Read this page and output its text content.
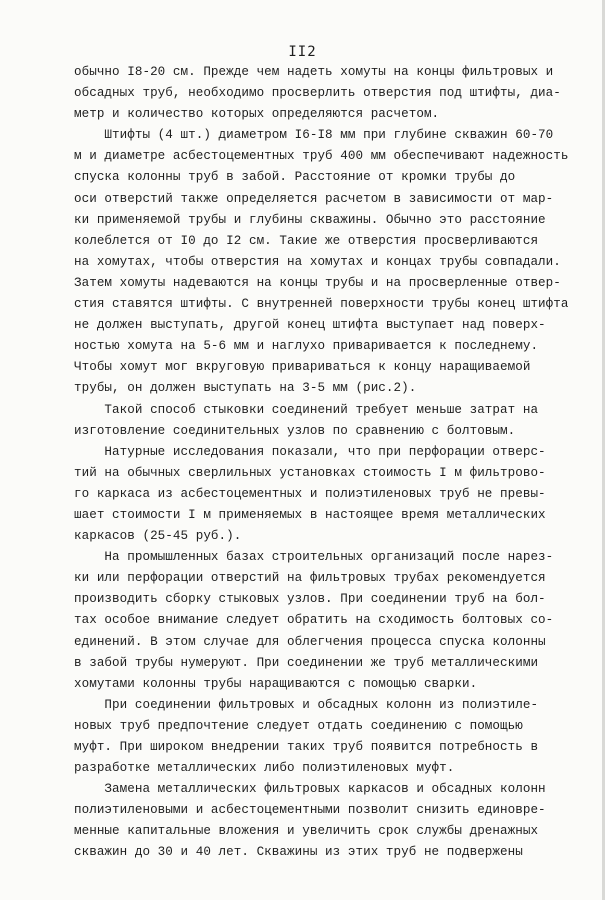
II2
обычно I8-20 см. Прежде чем надеть хомуты на концы фильтровых и
обсадных труб, необходимо просверлить отверстия под штифты, диа-
метр и количество которых определяются расчетом.
Штифты (4 шт.) диаметром I6-I8 мм при глубине скважин 60-70
м и диаметре асбестоцементных труб 400 мм обеспечивают надежность
спуска колонны труб в забой. Расстояние от кромки трубы до
оси отверстий также определяется расчетом в зависимости от мар-
ки применяемой трубы и глубины скважины. Обычно это расстояние
колеблется от I0 до I2 см. Такие же отверстия просверливаются
на хомутах, чтобы отверстия на хомутах и концах трубы совпадали.
Затем хомуты надеваются на концы трубы и на просверленные отвер-
стия ставятся штифты. С внутренней поверхности трубы конец штифта
не должен выступать, другой конец штифта выступает над поверх-
ностью хомута на 5-6 мм и наглухо приваривается к последнему.
Чтобы хомут мог вкруговую привариваться к концу наращиваемой
трубы, он должен выступать на 3-5 мм (рис.2).
Такой способ стыковки соединений требует меньше затрат на
изготовление соединительных узлов по сравнению с болтовым.
Натурные исследования показали, что при перфорации отверс-
тий на обычных сверлильных установках стоимость I м фильтрово-
го каркаса из асбестоцементных и полиэтиленовых труб не превы-
шает стоимости I м применяемых в настоящее время металлических
каркасов (25-45 руб.).
На промышленных базах строительных организаций после нарез-
ки или перфорации отверстий на фильтровых трубах рекомендуется
производить сборку стыковых узлов. При соединении труб на бол-
тах особое внимание следует обратить на сходимость болтовых со-
единений. В этом случае для облегчения процесса спуска колонны
в забой трубы нумеруют. При соединении же труб металлическими
хомутами колонны трубы наращиваются с помощью сварки.
При соединении фильтровых и обсадных колонн из полиэтиле-
новых труб предпочтение следует отдать соединению с помощью
муфт. При широком внедрении таких труб появится потребность в
разработке металлических либо полиэтиленовых муфт.
Замена металлических фильтровых каркасов и обсадных колонн
полиэтиленовыми и асбестоцементными позволит снизить единовре-
менные капитальные вложения и увеличить срок службы дренажных
скважин до 30 и 40 лет. Скважины из этих труб не подвержены
